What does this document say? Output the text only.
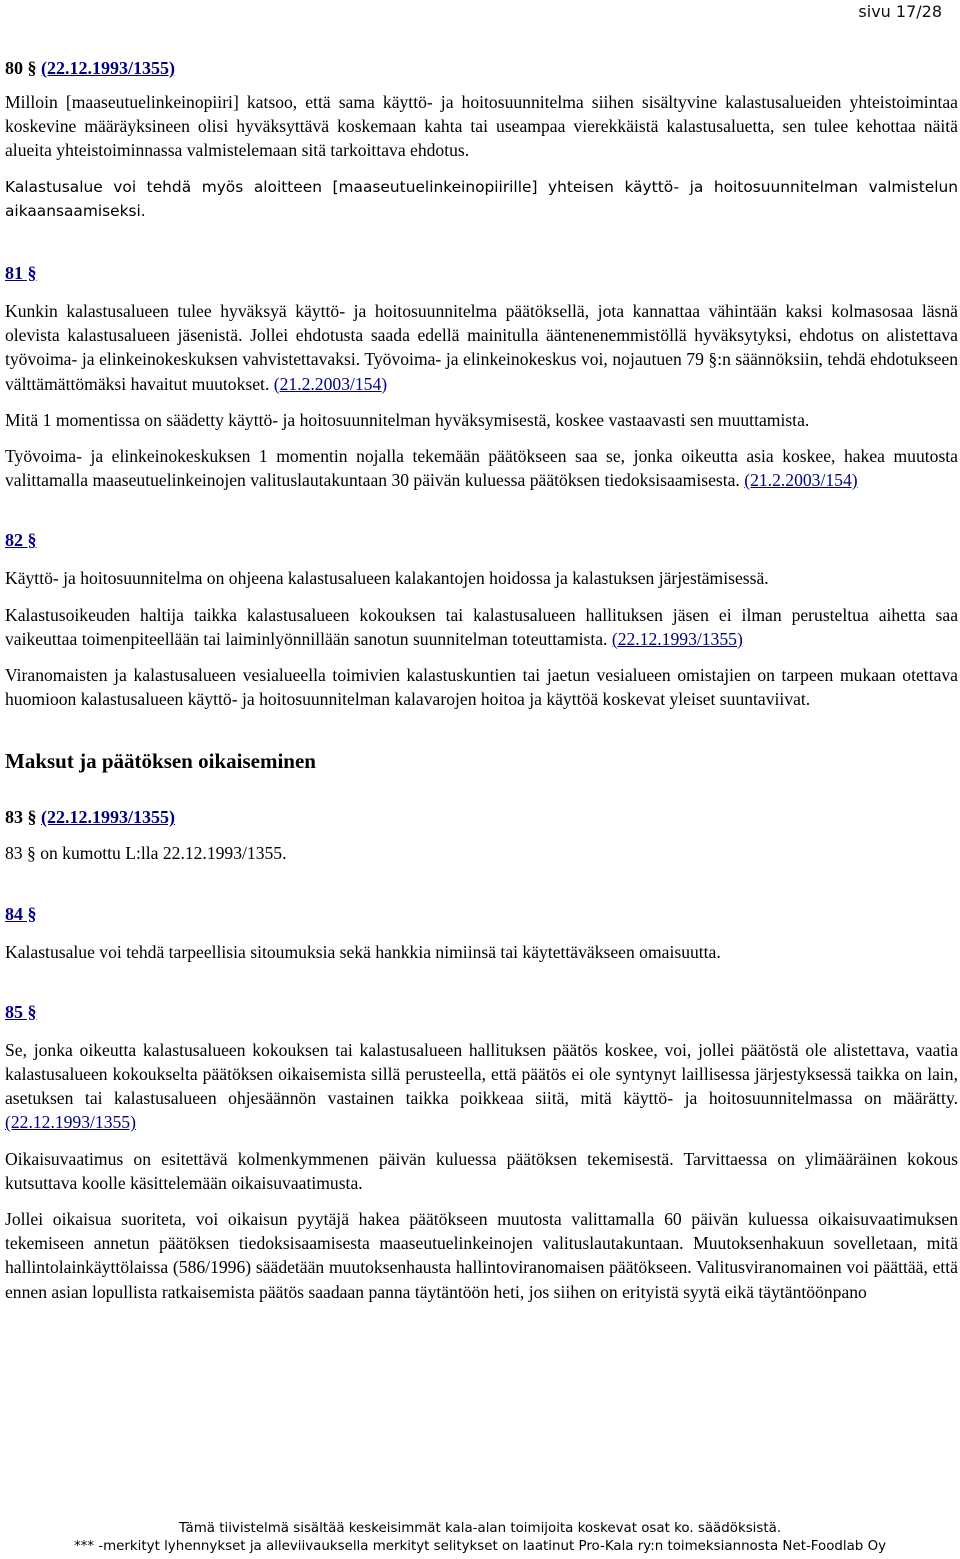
sivu 17/28

80 § (22.12.1993/1355)

Milloin [maaseutuelinkeinopiiri] katsoo, että sama käyttö- ja hoitosuunnitelma siihen sisältyvine kalastusalueiden yhteistoimintaa koskevine määräyksineen olisi hyväksyttävä koskemaan kahta tai useampaa vierekkäistä kalastusaluetta, sen tulee kehottaa näitä alueita yhteistoiminnassa valmistelemaan sitä tarkoittava ehdotus.

Kalastusalue voi tehdä myös aloitteen [maaseutuelinkeinopiirille] yhteisen käyttö- ja hoitosuunnitelman valmistelun aikaansaamiseksi.

81 §

Kunkin kalastusalueen tulee hyväksyä käyttö- ja hoitosuunnitelma päätöksellä, jota kannattaa vähintään kaksi kolmasosaa läsnä olevista kalastusalueen jäsenistä. Jollei ehdotusta saada edellä mainitulla ääntenenemmistöllä hyväksytyksi, ehdotus on alistettava työvoima- ja elinkeinokeskuksen vahvistettavaksi. Työvoima- ja elinkeinokeskus voi, nojautuen 79 §:n säännöksiin, tehdä ehdotukseen välttämättömäksi havaitut muutokset. (21.2.2003/154)

Mitä 1 momentissa on säädetty käyttö- ja hoitosuunnitelman hyväksymisestä, koskee vastaavasti sen muuttamista.

Työvoima- ja elinkeinokeskuksen 1 momentin nojalla tekemään päätökseen saa se, jonka oikeutta asia koskee, hakea muutosta valittamalla maaseutuelinkeinojen valituslautakuntaan 30 päivän kuluessa päätöksen tiedoksisaamisesta. (21.2.2003/154)

82 §

Käyttö- ja hoitosuunnitelma on ohjeena kalastusalueen kalakantojen hoidossa ja kalastuksen järjestämisessä.

Kalastusoikeuden haltija taikka kalastusalueen kokouksen tai kalastusalueen hallituksen jäsen ei ilman perusteltua aihetta saa vaikeuttaa toimenpiteellään tai laiminlyönnillään sanotun suunnitelman toteuttamista. (22.12.1993/1355)

Viranomaisten ja kalastusalueen vesialueella toimivien kalastuskuntien tai jaetun vesialueen omistajien on tarpeen mukaan otettava huomioon kalastusalueen käyttö- ja hoitosuunnitelman kalavarojen hoitoa ja käyttöä koskevat yleiset suuntaviivat.

Maksut ja päätöksen oikaiseminen

83 § (22.12.1993/1355)

83 § on kumottu L:lla 22.12.1993/1355.

84 §

Kalastusalue voi tehdä tarpeellisia sitoumuksia sekä hankkia nimiinsä tai käytettäväkseen omaisuutta.

85 §

Se, jonka oikeutta kalastusalueen kokouksen tai kalastusalueen hallituksen päätös koskee, voi, jollei päätöstä ole alistettava, vaatia kalastusalueen kokoukselta päätöksen oikaisemista sillä perusteella, että päätös ei ole syntynyt laillisessa järjestyksessä taikka on lain, asetuksen tai kalastusalueen ohjesäännön vastainen taikka poikkeaa siitä, mitä käyttö- ja hoitosuunnitelmassa on määrätty. (22.12.1993/1355)

Oikaisuvaatimus on esitettävä kolmenkymmenen päivän kuluessa päätöksen tekemisestä. Tarvittaessa on ylimääräinen kokous kutsuttava koolle käsittelemään oikaisuvaatimusta.

Jollei oikaisua suoriteta, voi oikaisun pyytäjä hakea päätökseen muutosta valittamalla 60 päivän kuluessa oikaisuvaatimuksen tekemiseen annetun päätöksen tiedoksisaamisesta maaseutuelinkeinojen valituslautakuntaan. Muutoksenhakuun sovelletaan, mitä hallintolainkäyttölaissa (586/1996) säädetään muutoksenhausta hallintoviranomaisen päätökseen. Valitusviranomainen voi päättää, että ennen asian lopullista ratkaisemista päätös saadaan panna täytäntöön heti, jos siihen on erityistä syytä eikä täytäntöönpano

Tämä tiivistelmä sisältää keskeisimmät kala-alan toimijoita koskevat osat ko. säädöksistä.
*** -merkityt lyhennykset ja alleviivauksella merkityt selitykset on laatinut Pro-Kala ry:n toimeksiannosta Net-Foodlab Oy
